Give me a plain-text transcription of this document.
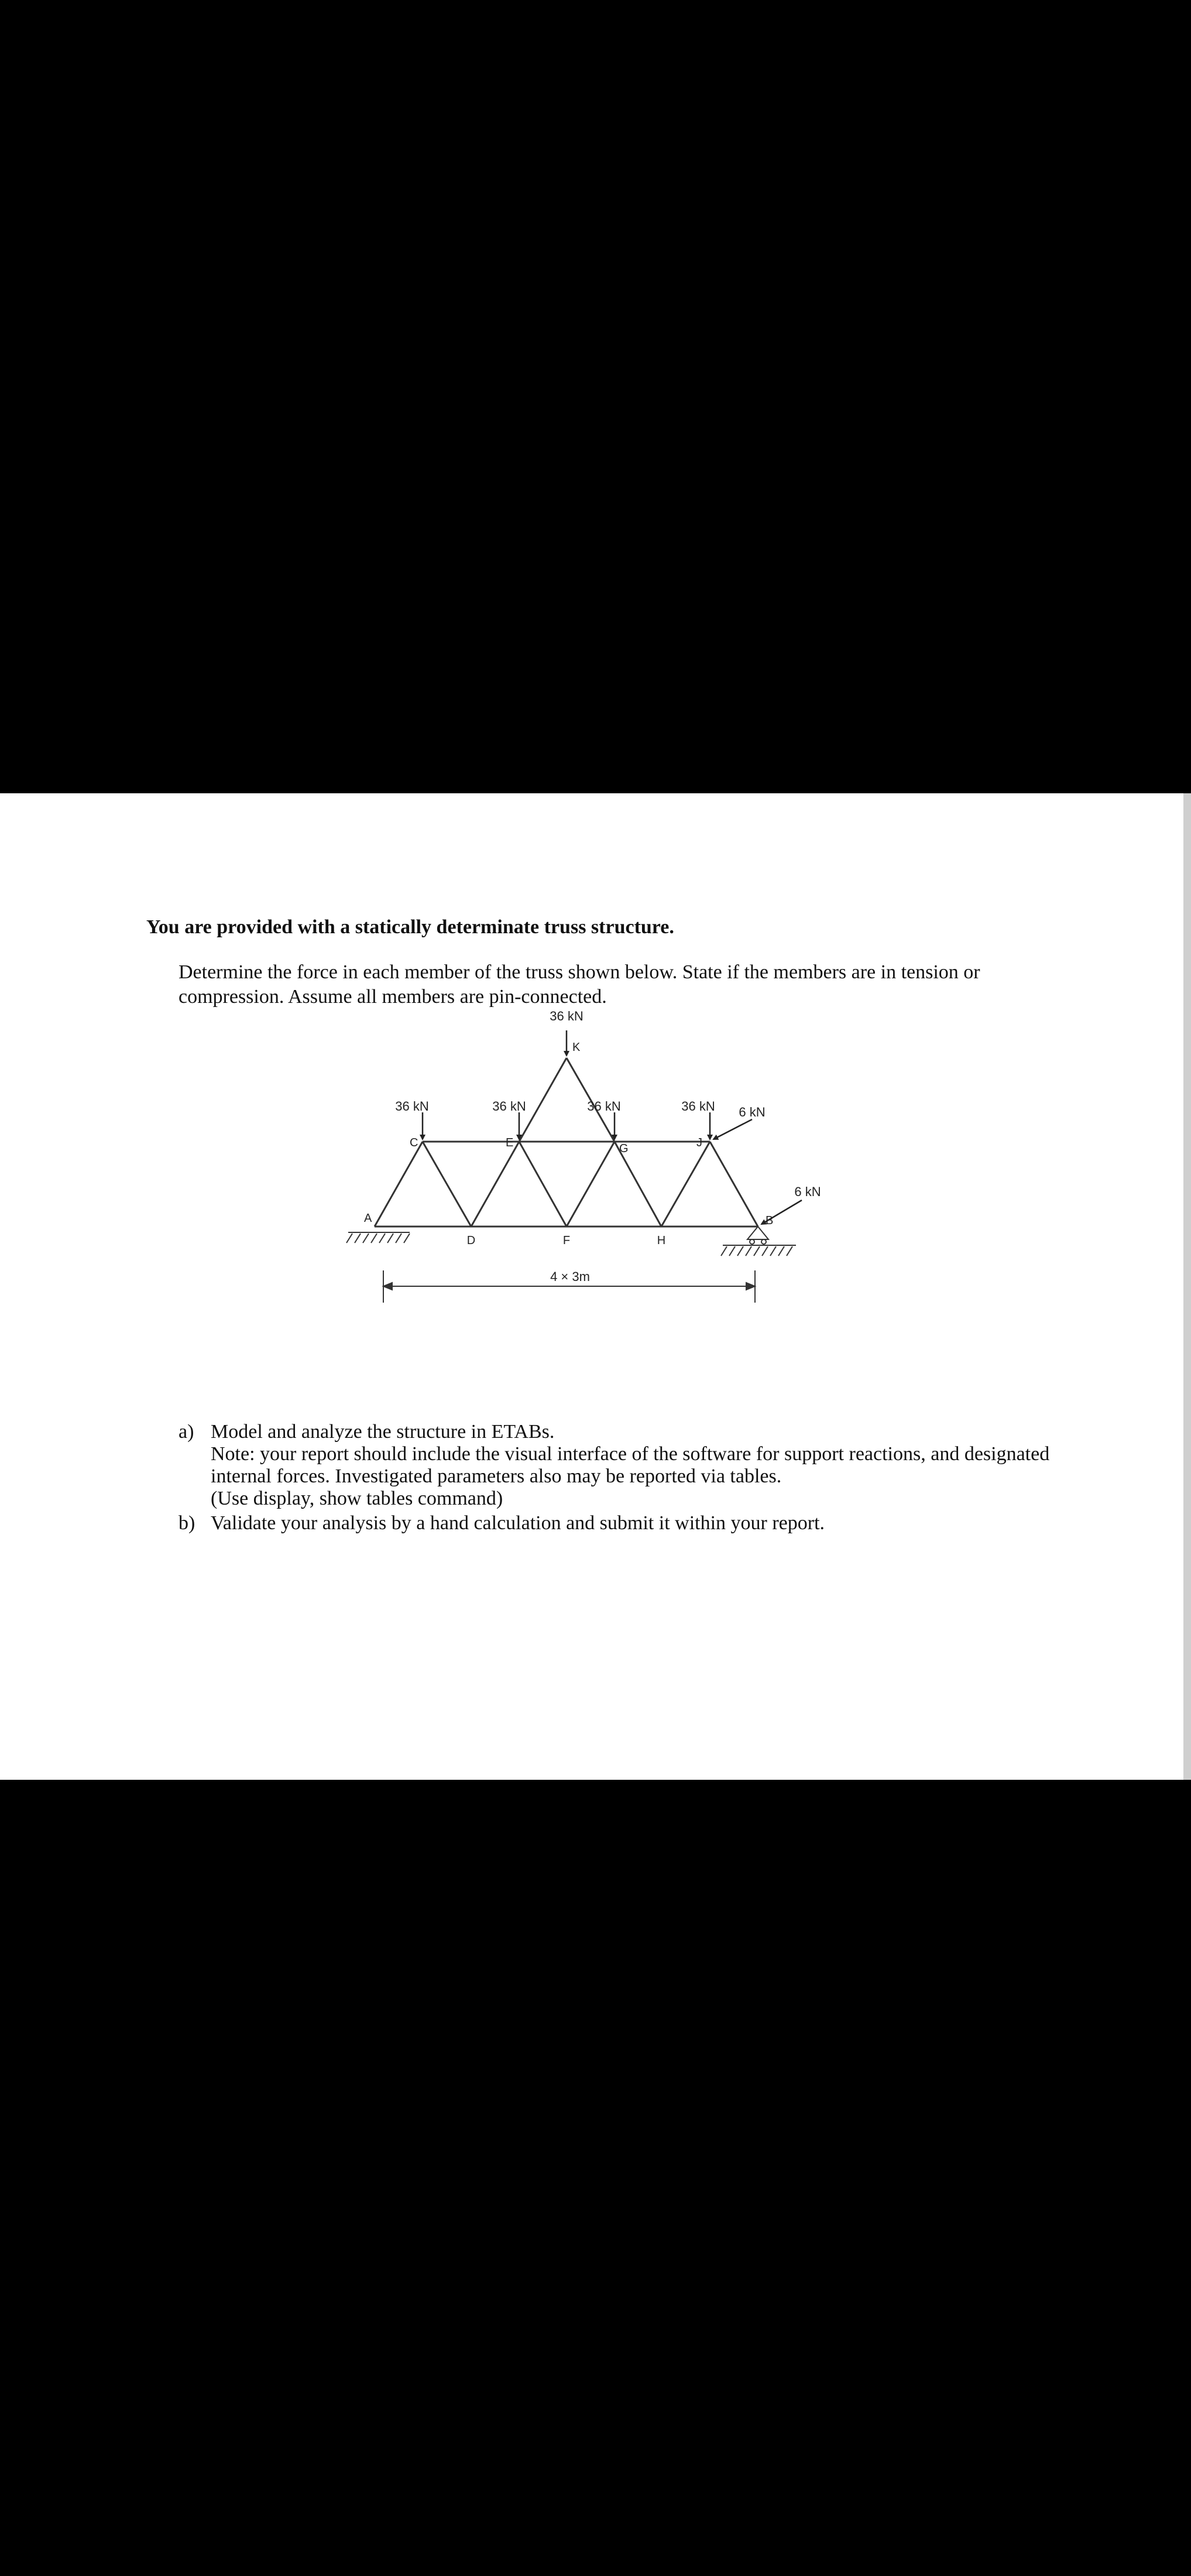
You are provided with a statically determinate truss structure.
Determine the force in each member of the truss shown below. State if the members are in tension or compression. Assume all members are pin-connected.
36 kN
36 kN	36 kN	36 kN	36 kN 6 kN
6 kN
A	B
C
D
E
F
G
H
J
K
4 × 3m
a) Model and analyze the structure in ETABs.
Note: your report should include the visual interface of the software for support reactions, and designated internal forces. Investigated parameters also may be reported via tables.
(Use display, show tables command)
b) Validate your analysis by a hand calculation and submit it within your report.
